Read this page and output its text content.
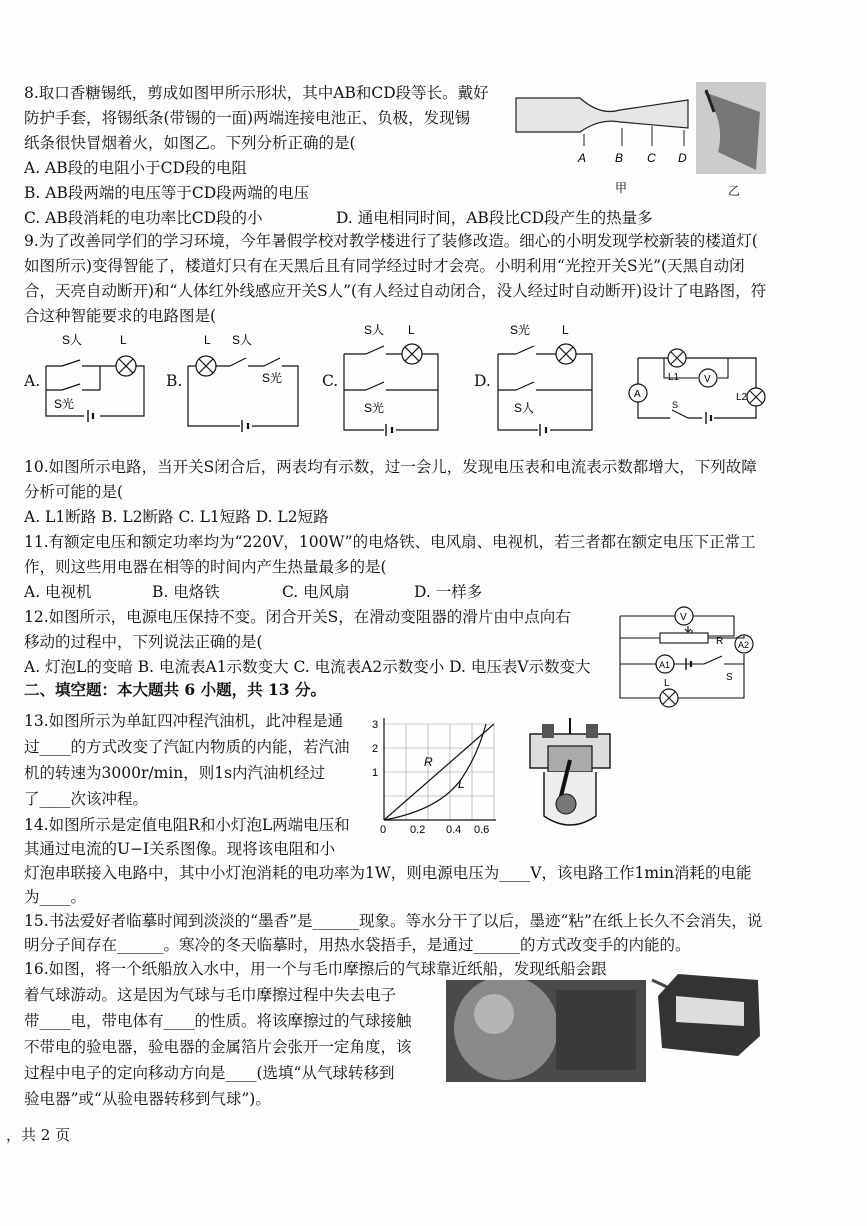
8.取口香糖锡纸，剪成如图甲所示形状，其中AB和CD段等长。戴好
防护手套，将锡纸条(带锡的一面)两端连接电池正、负极，发现锡
纸条很快冒烟着火，如图乙。下列分析正确的是(
A. AB段的电阻小于CD段的电阻
B. AB段两端的电压等于CD段两端的电压
C. AB段消耗的电功率比CD段的小	D. 通电相同时间，AB段比CD段产生的热量多
A B C D
甲	乙
9.为了改善同学们的学习环境，今年暑假学校对教学楼进行了装修改造。细心的小明发现学校新装的楼道灯(
如图所示)变得智能了，楼道灯只有在天黑后且有同学经过时才会亮。小明利用“光控开关S光”(天黑自动闭
合，天亮自动断开)和“人体红外线感应开关S人”(有人经过自动闭合，没人经过时自动断开)设计了电路图，符
合这种智能要求的电路图是(
A.
S人	L
S光
B.
L S人
S光	C.
S人 L
S光
D.
S光	L
S人
L1 V
A	L2
S
10.如图所示电路，当开关S闭合后，两表均有示数，过一会儿，发现电压表和电流表示数都增大，下列故障
分析可能的是(
A. L1断路 B. L2断路 C. L1短路 D. L2短路
11.有额定电压和额定功率均为“220V，100W”的电烙铁、电风扇、电视机，若三者都在额定电压下正常工
作，则这些用电器在相等的时间内产生热量最多的是(
A. 电视机	B. 电烙铁	C. 电风扇	D. 一样多
12.如图所示，电源电压保持不变。闭合开关S，在滑动变阻器的滑片由中点向右
移动的过程中，下列说法正确的是(
A. 灯泡L的变暗 B. 电流表A1示数变大 C. 电流表A2示数变小 D. 电压表V示数变大
V
R A2
A1
S
L
二、填空题：本大题共 6 小题，共 13 分。
13.如图所示为单缸四冲程汽油机，此冲程是通
过____的方式改变了汽缸内物质的内能，若汽油
机的转速为3000r/min，则1s内汽油机经过
了____次该冲程。
3
2
1
0 0.2 0.4 0.6
R
L
14.如图所示是定值电阻R和小灯泡L两端电压和
其通过电流的U−I关系图像。现将该电阻和小
灯泡串联接入电路中，其中小灯泡消耗的电功率为1W，则电源电压为____V，该电路工作1min消耗的电能
为____。
15.书法爱好者临摹时闻到淡淡的“墨香”是______现象。等水分干了以后，墨迹“粘”在纸上长久不会消失，说
明分子间存在______。寒冷的冬天临摹时，用热水袋捂手，是通过______的方式改变手的内能的。
16.如图，将一个纸船放入水中，用一个与毛巾摩擦后的气球靠近纸船，发现纸船会跟
着气球游动。这是因为气球与毛巾摩擦过程中失去电子
带____电，带电体有____的性质。将该摩擦过的气球接触
不带电的验电器，验电器的金属箔片会张开一定角度，该
过程中电子的定向移动方向是____(选填“从气球转移到
验电器”或“从验电器转移到气球”)。
，共 2 页
